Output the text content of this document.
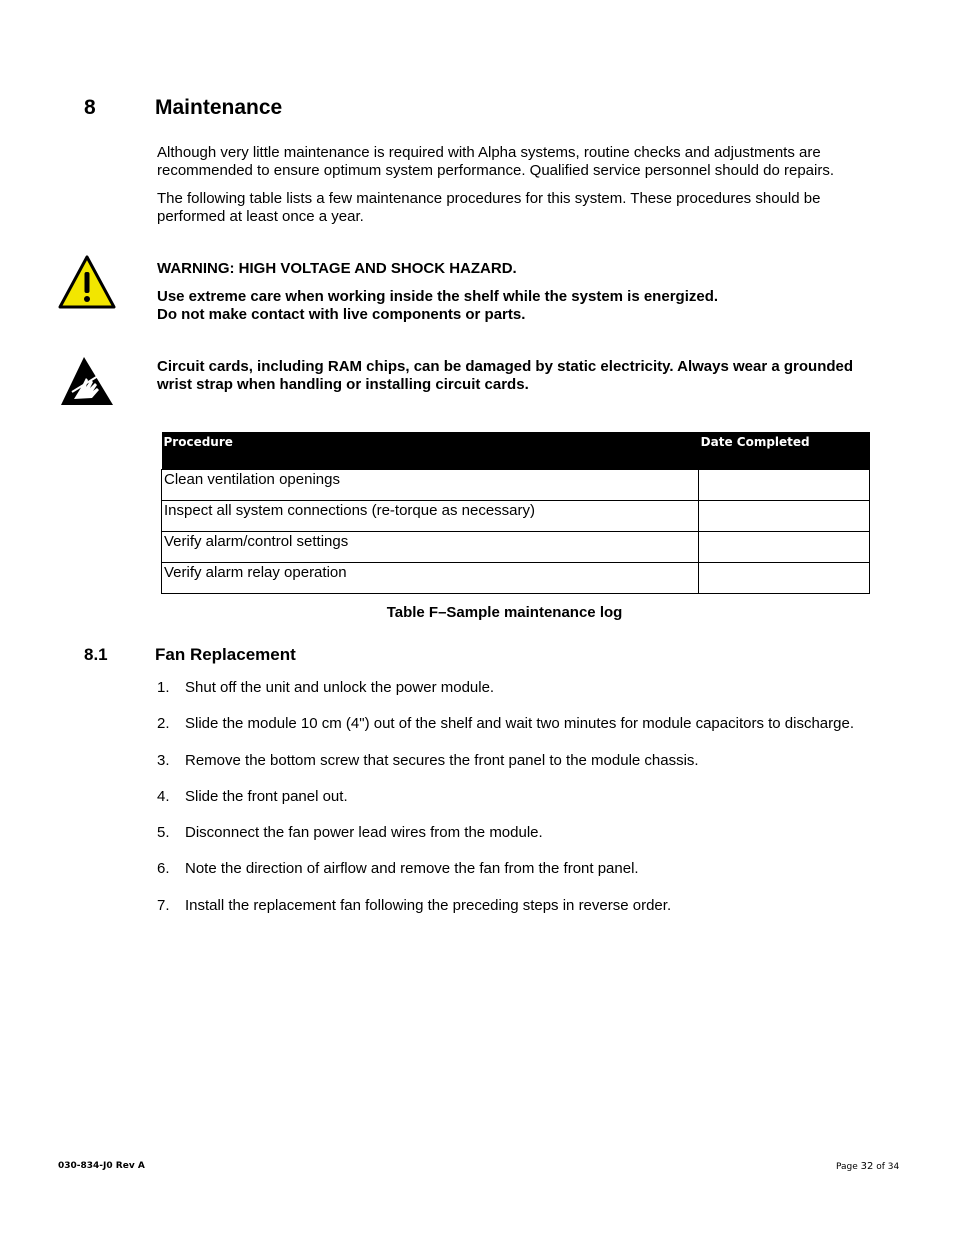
8	Maintenance
Although very little maintenance is required with Alpha systems, routine checks and adjustments are recommended to ensure optimum system performance. Qualified service personnel should do repairs.
The following table lists a few maintenance procedures for this system. These procedures should be performed at least once a year.
WARNING: HIGH VOLTAGE AND SHOCK HAZARD.
Use extreme care when working inside the shelf while the system is energized.
Do not make contact with live components or parts.
Circuit cards, including RAM chips, can be damaged by static electricity. Always wear a grounded wrist strap when handling or installing circuit cards.
Procedure	Date Completed
Clean ventilation openings	
Inspect all system connections (re-torque as necessary)	
Verify alarm/control settings	
Verify alarm relay operation	
Table F–Sample maintenance log
8.1	Fan Replacement
1.	Shut off the unit and unlock the power module.
2.	Slide the module 10 cm (4") out of the shelf and wait two minutes for module capacitors to discharge.
3.	Remove the bottom screw that secures the front panel to the module chassis.
4.	Slide the front panel out.
5.	Disconnect the fan power lead wires from the module.
6.	Note the direction of airflow and remove the fan from the front panel.
7.	Install the replacement fan following the preceding steps in reverse order.
030-834-J0 Rev A	Page 32 of 34
